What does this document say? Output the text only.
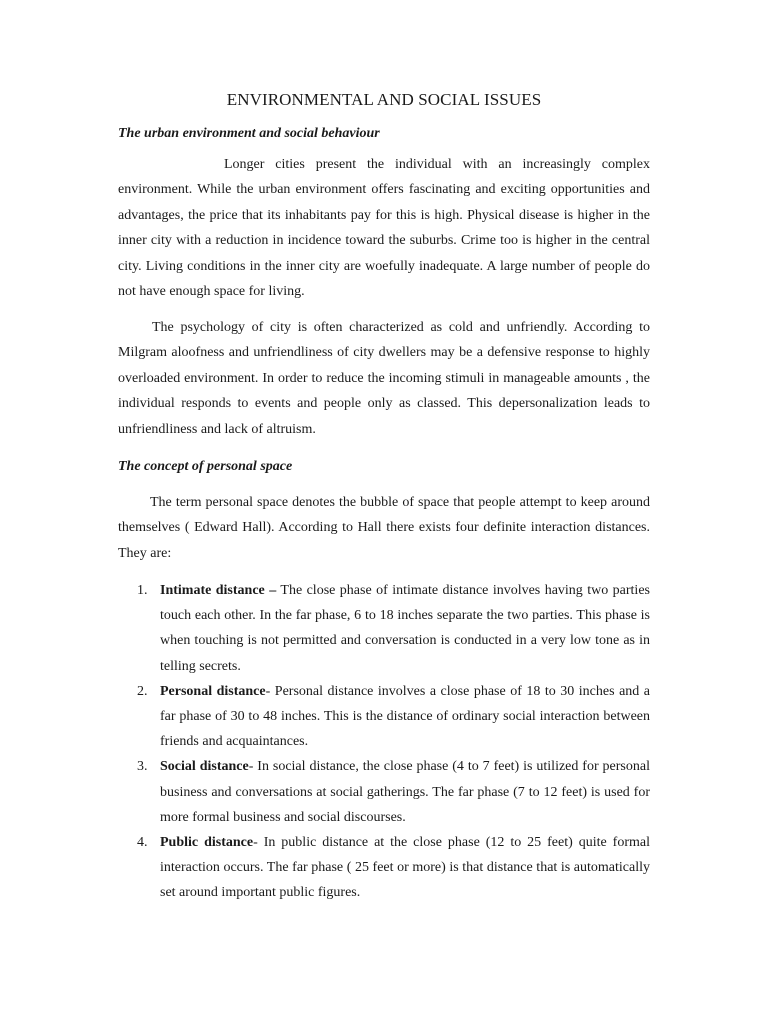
ENVIRONMENTAL AND SOCIAL ISSUES
The urban environment and social behaviour

Longer cities present the individual with an increasingly complex environment. While the urban environment offers fascinating and exciting opportunities and advantages, the price that its inhabitants pay for this is high. Physical disease is higher in the inner city with a reduction in incidence toward the suburbs. Crime too is higher in the central city. Living conditions in the inner city are woefully inadequate. A large number of people do not have enough space for living.

The psychology of city is often characterized as cold and unfriendly. According to Milgram aloofness and unfriendliness of city dwellers may be a defensive response to highly overloaded environment. In order to reduce the incoming stimuli in manageable amounts , the individual responds to events and people only as classed. This depersonalization leads to unfriendliness and lack of altruism.

The concept of personal space

The term personal space denotes the bubble of space that people attempt to keep around themselves ( Edward Hall). According to Hall there exists four definite interaction distances. They are:

1. Intimate distance – The close phase of intimate distance involves having two parties touch each other. In the far phase, 6 to 18 inches separate the two parties. This phase is when touching is not permitted and conversation is conducted in a very low tone as in telling secrets.
2. Personal distance- Personal distance involves a close phase of 18 to 30 inches and a far phase of 30 to 48 inches. This is the distance of ordinary social interaction between friends and acquaintances.
3. Social distance- In social distance, the close phase (4 to 7 feet) is utilized for personal business and conversations at social gatherings. The far phase (7 to 12 feet) is used for more formal business and social discourses.
4. Public distance- In public distance at the close phase (12 to 25 feet) quite formal interaction occurs. The far phase ( 25 feet or more) is that distance that is automatically set around important public figures.
